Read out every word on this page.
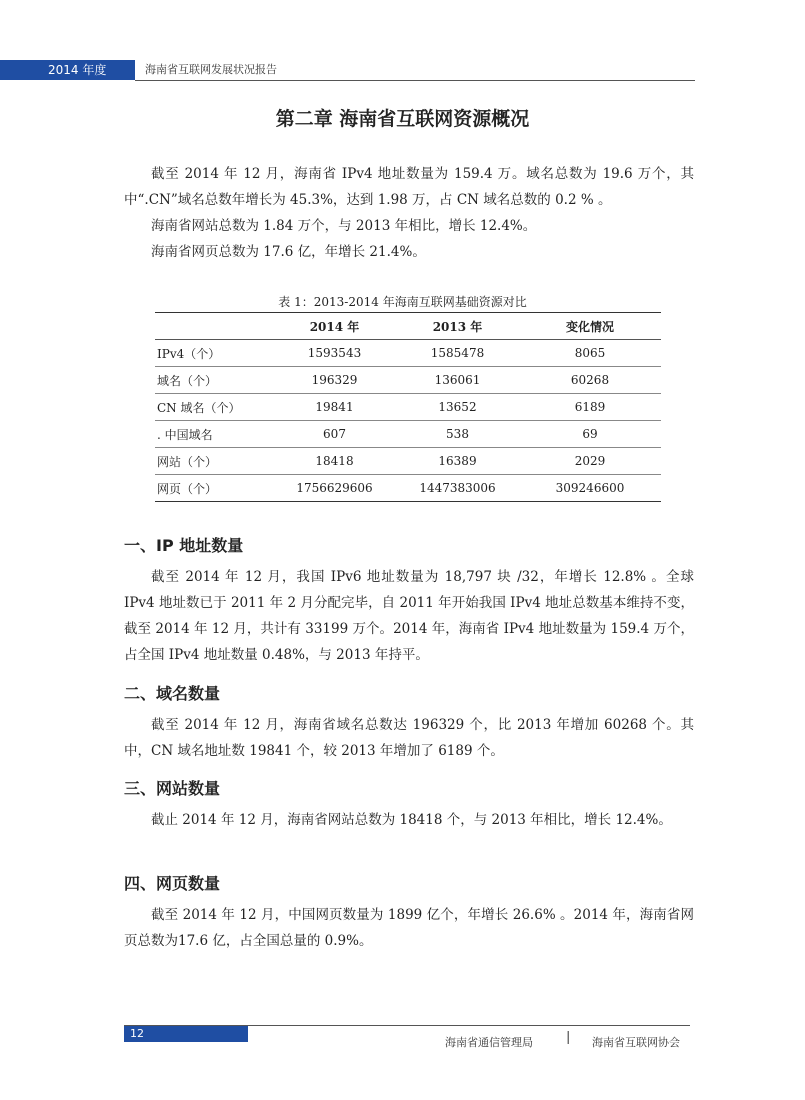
2014 年度	海南省互联网发展状况报告
第二章 海南省互联网资源概况

截至 2014 年 12 月，海南省 IPv4 地址数量为 159.4 万。域名总数为 19.6 万个，其中“.CN”域名总数年增长为 45.3%，达到 1.98 万，占 CN 域名总数的 0.2 % 。

海南省网站总数为 1.84 万个，与 2013 年相比，增长 12.4%。

海南省网页总数为 17.6 亿，年增长 21.4%。

表 1：2013-2014 年海南互联网基础资源对比
	2014 年	2013 年	变化情况
IPv4（个）	1593543	1585478	8065
域名（个）	196329	136061	60268
CN 域名（个）	19841	13652	6189
. 中国域名	607	538	69
网站（个）	18418	16389	2029
网页（个）	1756629606	1447383006	309246600
一、IP 地址数量

截至 2014 年 12 月，我国 IPv6 地址数量为 18,797 块 /32，年增长 12.8% 。全球 IPv4 地址数已于 2011 年 2 月分配完毕，自 2011 年开始我国 IPv4 地址总数基本维持不变，截至 2014 年 12 月，共计有 33199 万个。2014 年，海南省 IPv4 地址数量为 159.4 万个，占全国 IPv4 地址数量 0.48%，与 2013 年持平。

二、域名数量

截至 2014 年 12 月，海南省域名总数达 196329 个，比 2013 年增加 60268 个。其中，CN 域名地址数 19841 个，较 2013 年增加了 6189 个。

三、网站数量

截止 2014 年 12 月，海南省网站总数为 18418 个，与 2013 年相比，增长 12.4%。

四、网页数量

截至 2014 年 12 月，中国网页数量为 1899 亿个，年增长 26.6% 。2014 年，海南省网页总数为17.6 亿，占全国总量的 0.9%。

12
海南省通信管理局	| 海南省互联网协会
